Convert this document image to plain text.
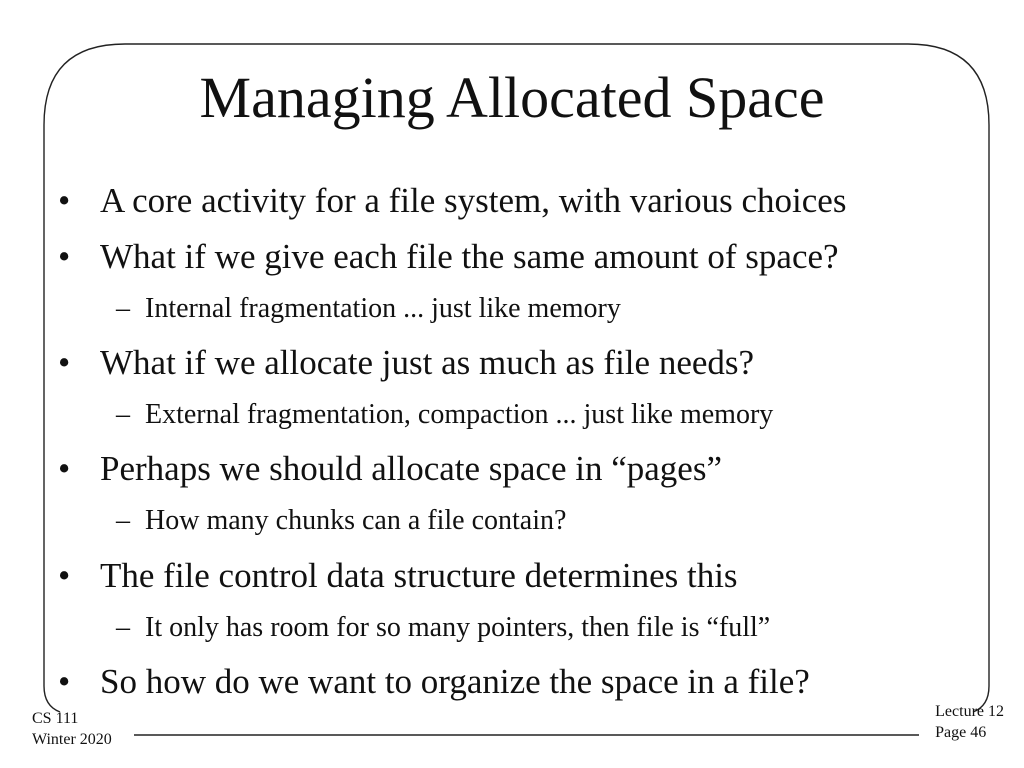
Managing Allocated Space
• A core activity for a file system, with various choices
• What if we give each file the same amount of space?
– Internal fragmentation ... just like memory
• What if we allocate just as much as file needs?
– External fragmentation, compaction ... just like memory
• Perhaps we should allocate space in “pages”
– How many chunks can a file contain?
• The file control data structure determines this
– It only has room for so many pointers, then file is “full”
• So how do we want to organize the space in a file?
CS 111
Winter 2020
Lecture 12
Page 46
